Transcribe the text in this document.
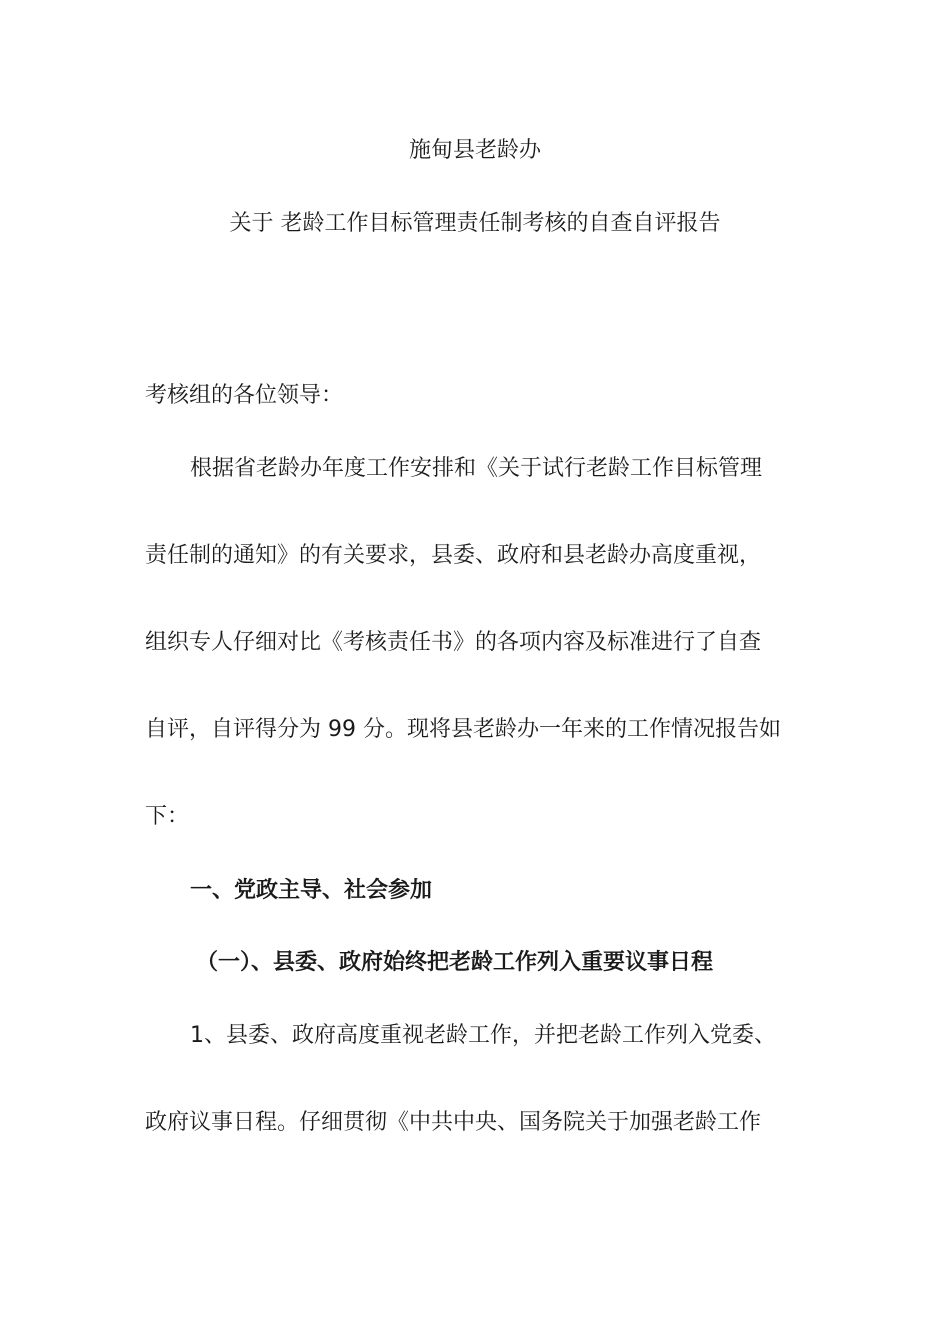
施甸县老龄办
关于 老龄工作目标管理责任制考核的自查自评报告

考核组的各位领导：

根据省老龄办年度工作安排和《关于试行老龄工作目标管理

责任制的通知》的有关要求，县委、政府和县老龄办高度重视，

组织专人仔细对比《考核责任书》的各项内容及标准进行了自查

自评，自评得分为 99 分。现将县老龄办一年来的工作情况报告如

下：

一、党政主导、社会参加
（一）、县委、政府始终把老龄工作列入重要议事日程

1、县委、政府高度重视老龄工作，并把老龄工作列入党委、

政府议事日程。仔细贯彻《中共中央、国务院关于加强老龄工作
